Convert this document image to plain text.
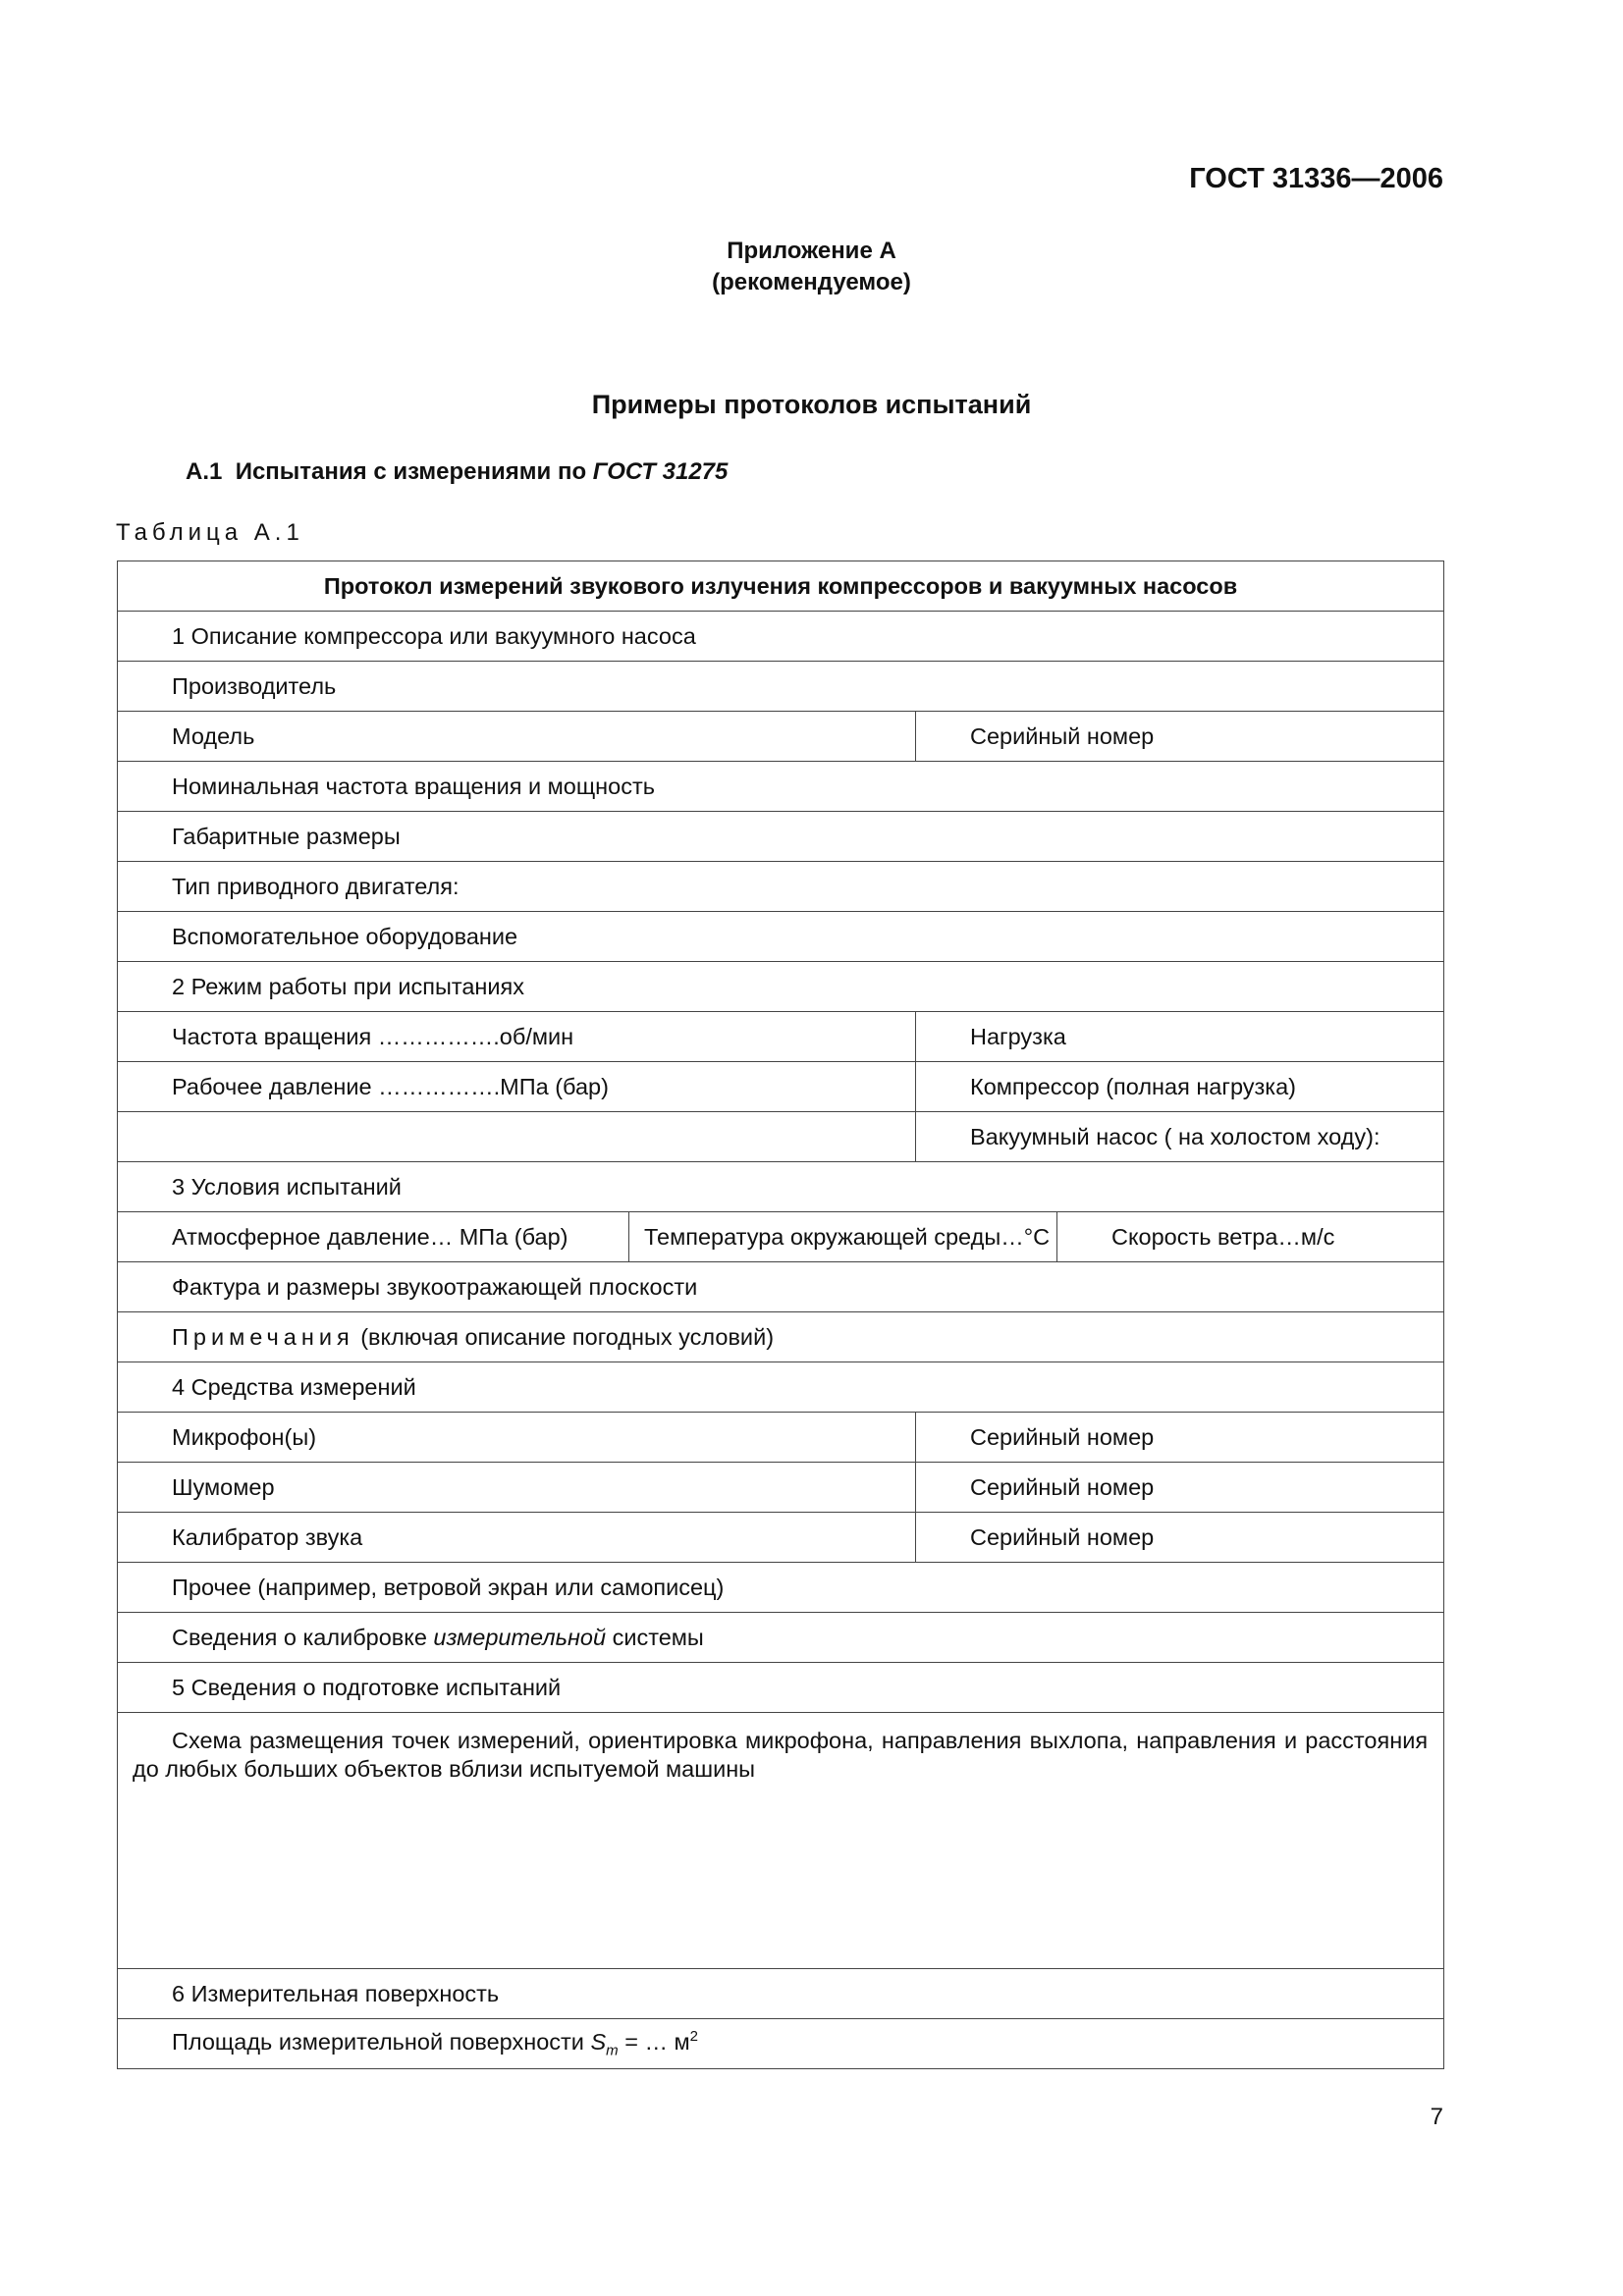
ГОСТ 31336—2006
Приложение А
(рекомендуемое)
Примеры протоколов испытаний
А.1 Испытания с измерениями по ГОСТ 31275
Таблица А.1
Протокол измерений звукового излучения компрессоров и вакуумных насосов			
1 Описание компрессора или вакуумного насоса			
Производитель			
Модель		Серийный номер	
Номинальная частота вращения и мощность			
Габаритные размеры			
Тип приводного двигателя:			
Вспомогательное оборудование			
2 Режим работы при испытаниях			
Частота вращения …………….об/мин		Нагрузка	
Рабочее давление …………….МПа (бар)		Компрессор (полная нагрузка)	
		Вакуумный насос ( на холостом ходу):	
3 Условия испытаний			
Атмосферное давление… МПа (бар)	Температура окружающей среды…°С		Скорость ветра…м/с
Фактура и размеры звукоотражающей плоскости			
Примечания (включая описание погодных условий)			
4 Средства измерений			
Микрофон(ы)		Серийный номер	
Шумомер		Серийный номер	
Калибратор звука		Серийный номер	
Прочее (например, ветровой экран или самописец)			
Сведения о калибровке измерительной системы			
5 Сведения о подготовке испытаний			
Схема размещения точек измерений, ориентировка микрофона, направления выхлопа, направления и расстояния до любых больших объектов вблизи испытуемой машины			
6 Измерительная поверхность			
Площадь измерительной поверхности $S_m$ = … $м^2$
7
